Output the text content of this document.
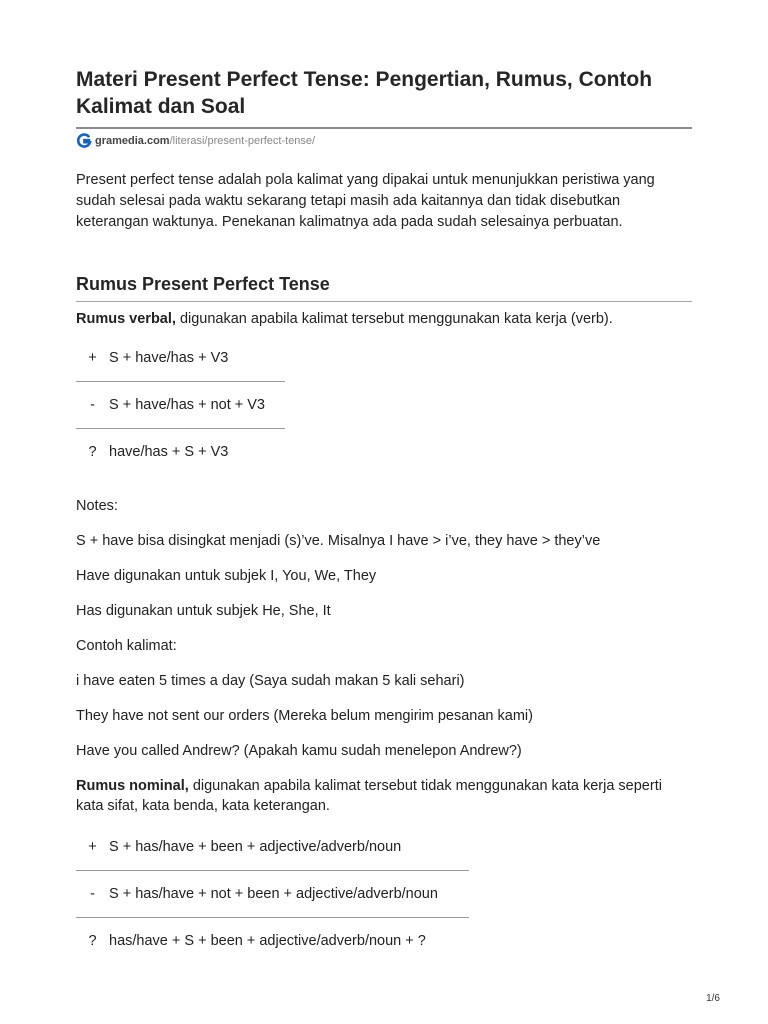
Materi Present Perfect Tense: Pengertian, Rumus, Contoh Kalimat dan Soal
gramedia.com /literasi/present-perfect-tense/

Present perfect tense adalah pola kalimat yang dipakai untuk menunjukkan peristiwa yang sudah selesai pada waktu sekarang tetapi masih ada kaitannya dan tidak disebutkan keterangan waktunya. Penekanan kalimatnya ada pada sudah selesainya perbuatan.

Rumus Present Perfect Tense

Rumus verbal, digunakan apabila kalimat tersebut menggunakan kata kerja (verb).

+	S + have/has + V3
-	S + have/has + not + V3
?	have/has + S + V3

Notes:

S + have bisa disingkat menjadi (s)’ve. Misalnya I have > i’ve, they have > they’ve

Have digunakan untuk subjek I, You, We, They

Has digunakan untuk subjek He, She, It

Contoh kalimat:

i have eaten 5 times a day (Saya sudah makan 5 kali sehari)

They have not sent our orders (Mereka belum mengirim pesanan kami)

Have you called Andrew? (Apakah kamu sudah menelepon Andrew?)

Rumus nominal, digunakan apabila kalimat tersebut tidak menggunakan kata kerja seperti kata sifat, kata benda, kata keterangan.

+	S + has/have + been + adjective/adverb/noun
-	S + has/have + not + been + adjective/adverb/noun
?	has/have + S + been + adjective/adverb/noun + ?
1/6
